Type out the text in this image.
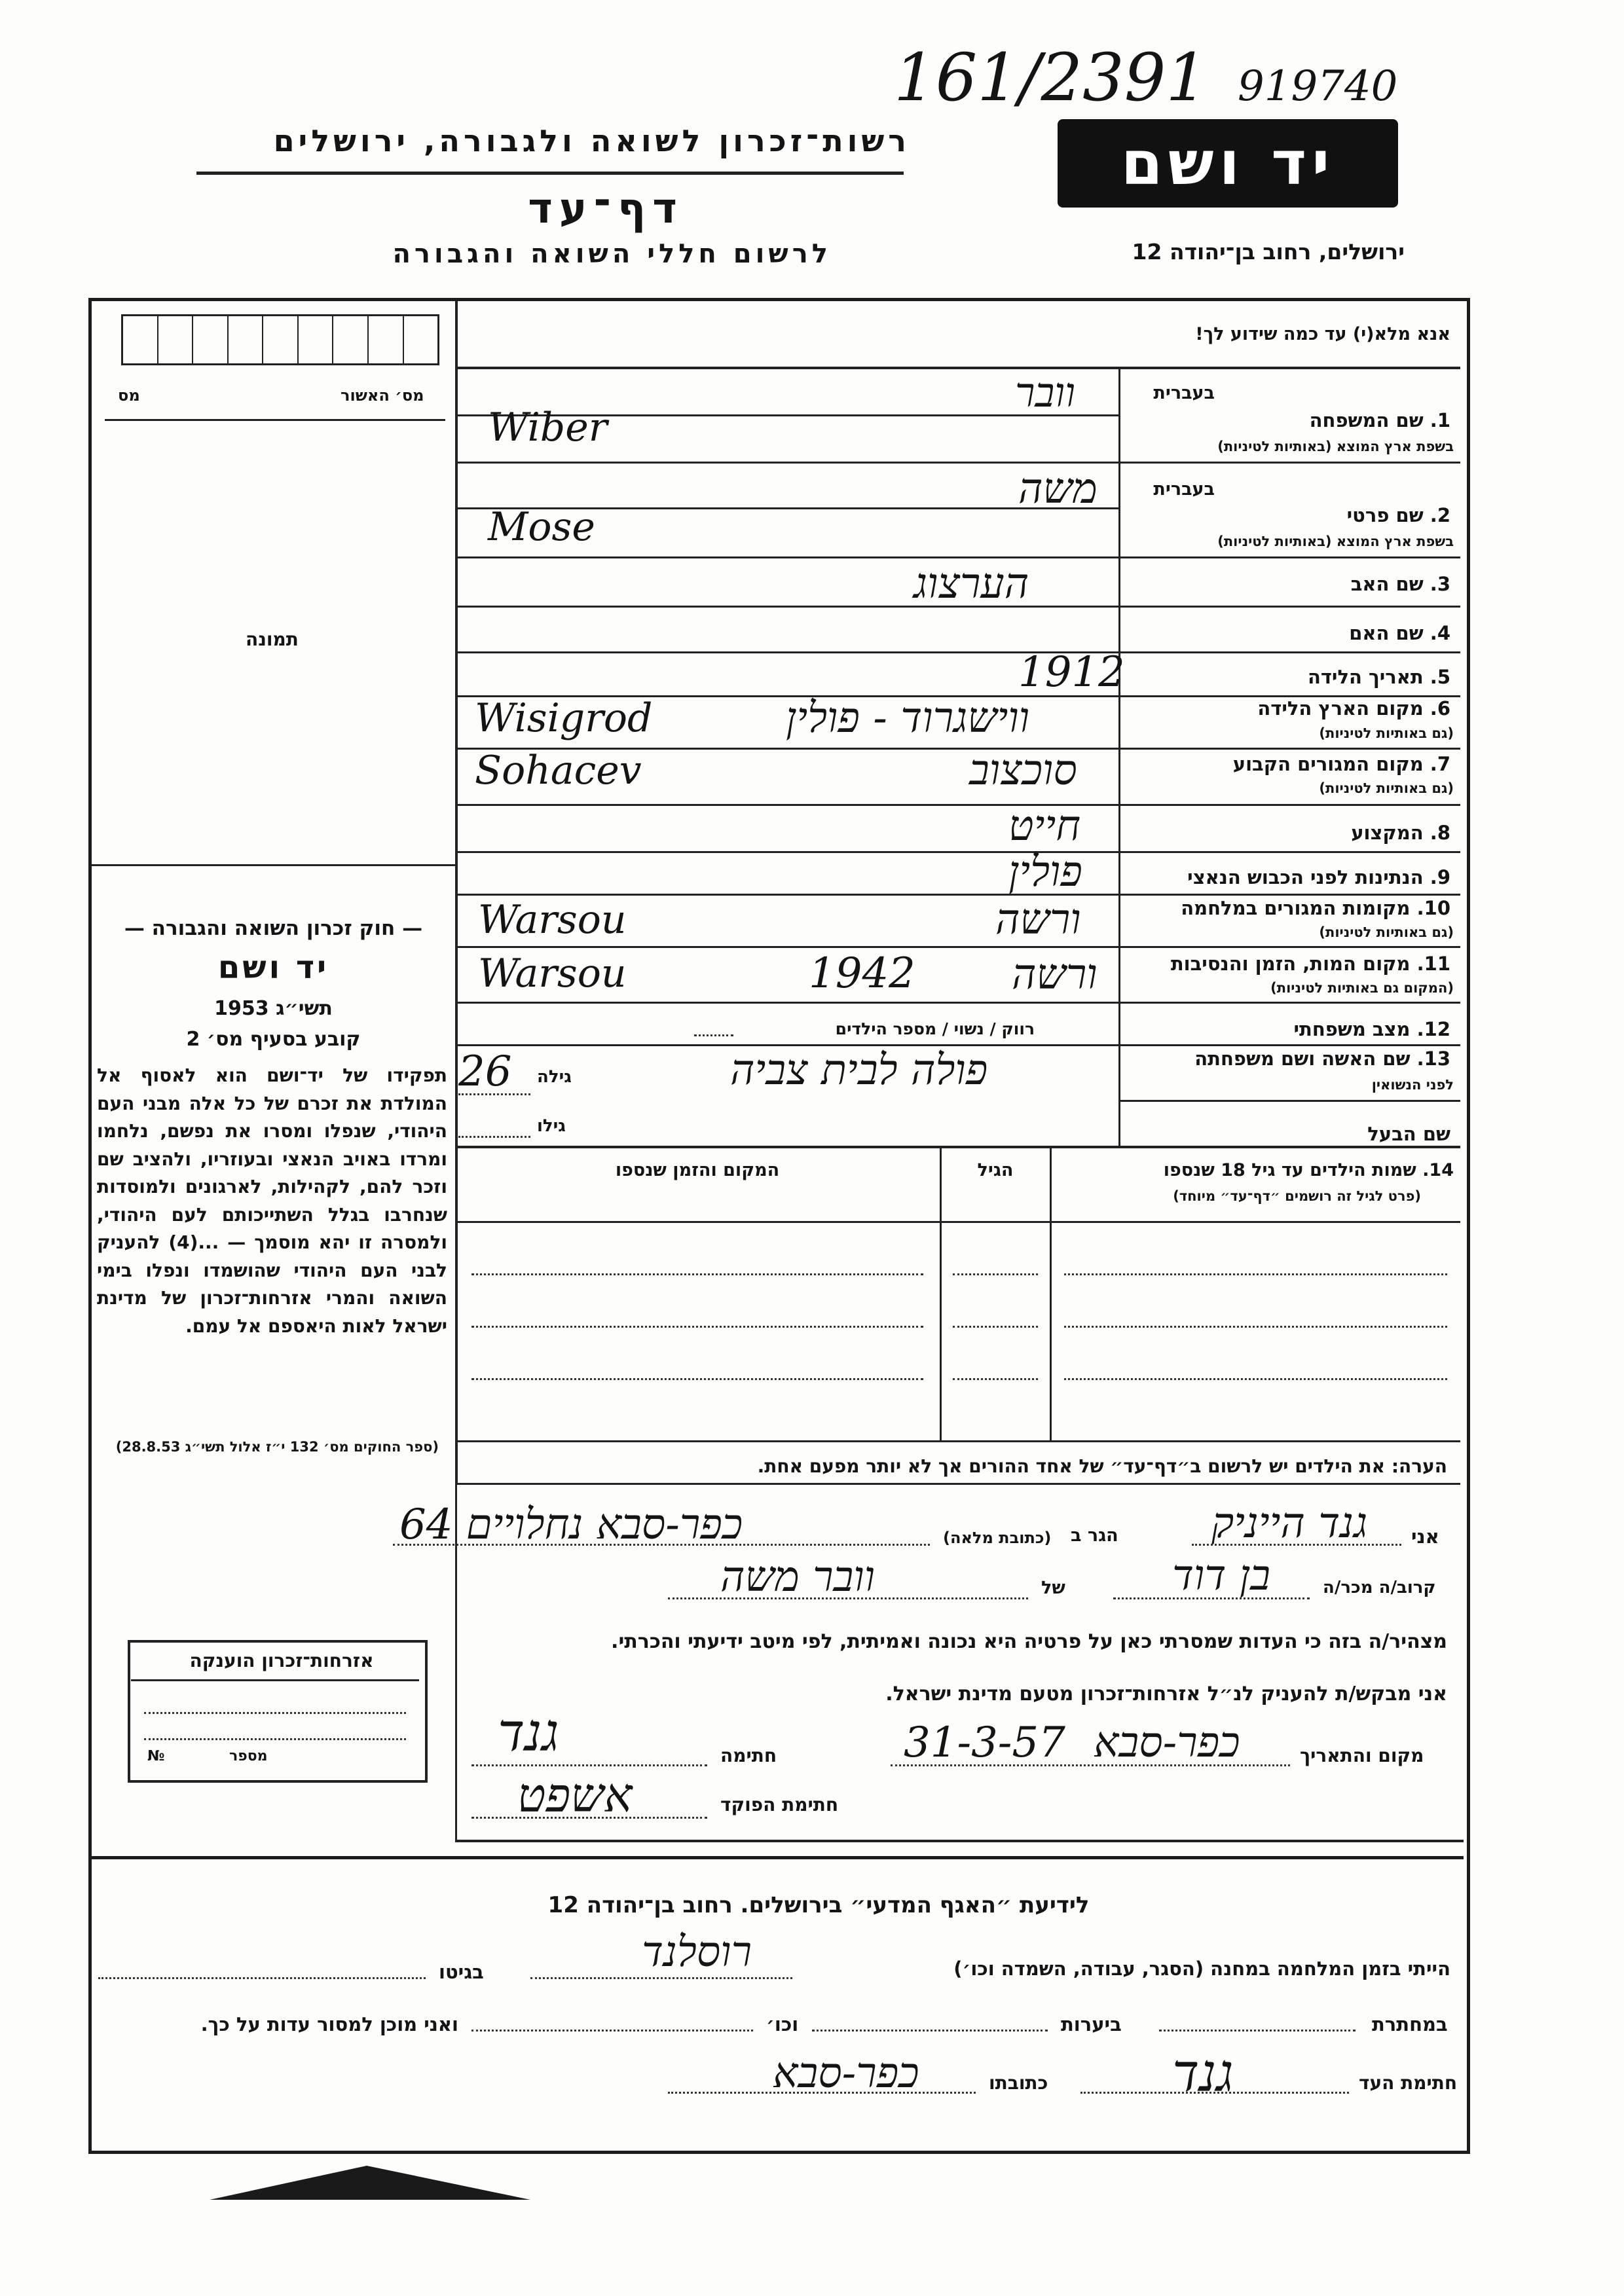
161/2391 919740
רשות־זכרון לשואה ולגבורה, ירושלים
דף־עד
לרשום חללי השואה והגבורה
יד ושם
ירושלים, רחוב בן־יהודה 12
מס׳ האשור
מס
תמונה
— חוק זכרון השואה והגבורה —
יד ושם
תשי״ג 1953
קובע בסעיף מס׳ 2
תפקידו של יד־ושם הוא לאסוף אל המולדת את זכרם של כל אלה מבני העם היהודי, שנפלו ומסרו את נפשם, נלחמו ומרדו באויב הנאצי ובעוזריו, ולהציב שם וזכר להם, לקהילות, לארגונים ולמוסדות שנחרבו בגלל השתייכותם לעם היהודי, ולמסרה זו יהא מוסמך — ...(4) להעניק לבני העם היהודי שהושמדו ונפלו בימי השואה והמרי אזרחות־זכרון של מדינת ישראל לאות היאספם אל עמם.
(ספר החוקים מס׳ 132 י״ז אלול תשי״ג 28.8.53)
אזרחות־זכרון הוענקה
מספר
№
אנא מלא(י) עד כמה שידוע לך!
בעברית
1. שם המשפחה
בשפת ארץ המוצא (באותיות לטיניות)
וובר
Wiber
בעברית
2. שם פרטי
בשפת ארץ המוצא (באותיות לטיניות)
משה
Mose
3. שם האב
הערצוג
4. שם האם
5. תאריך הלידה
1912
6. מקום הארץ הלידה
(גם באותיות לטיניות)
ווישגרוד - פולין
Wisigrod
7. מקום המגורים הקבוע
(גם באותיות לטיניות)
סוכצוב
Sohacev
8. המקצוע
חייט
9. הנתינות לפני הכבוש הנאצי
פולין
10. מקומות המגורים במלחמה
(גם באותיות לטיניות)
ורשה
Warsou
11. מקום המות, הזמן והנסיבות
(המקום גם באותיות לטיניות)
ורשה
1942
Warsou
12. מצב משפחתי
רווק / נשוי / מספר הילדים
13. שם האשה ושם משפחתה
לפני הנשואין
פולה לבית צביה
גילה
26
שם הבעל
גילו
14. שמות הילדים עד גיל 18 שנספו
(פרט לגיל זה רושמים ״דף־עד״ מיוחד)
הגיל
המקום והזמן שנספו
הערה: את הילדים יש לרשום ב״דף־עד״ של אחד ההורים אך לא יותר מפעם אחת.
אני
גנד הייניק
הגר ב
(כתובת מלאה)
כפר-סבא נחלויים 64
קרוב/ה מכר/ה
בן דוד
של
וובר משה
מצהיר/ה בזה כי העדות שמסרתי כאן על פרטיה היא נכונה ואמיתית, לפי מיטב ידיעתי והכרתי.
אני מבקש/ת להעניק לנ״ל אזרחות־זכרון מטעם מדינת ישראל.
מקום והתאריך
כפר-סבא
31-3-57
חתימה
גנד
חתימת הפוקד
אשפט
לידיעת ״האגף המדעי״ בירושלים. רחוב בן־יהודה 12
הייתי בזמן המלחמה במחנה (הסגר, עבודה, השמדה וכו׳)
רוסלנד
בגיטו
במחתרת
ביערות
וכו׳
ואני מוכן למסור עדות על כך.
חתימת העד
גנד
כתובתו
כפר-סבא
